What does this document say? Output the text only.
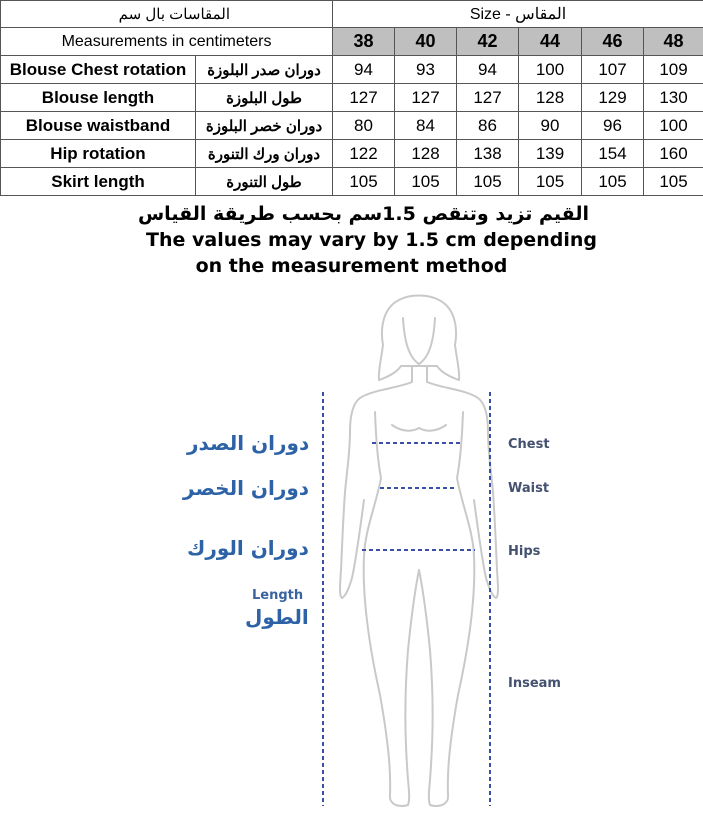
المقاسات بال سم		Size - المقاس					
Measurements in centimeters		38	40	42	44	46	48
Blouse Chest rotation	دوران صدر البلوزة	94	93	94	100	107	109
Blouse length	طول البلوزة	127	127	127	128	129	130
Blouse waistband	دوران خصر البلوزة	80	84	86	90	96	100
Hip rotation	دوران ورك التنورة	122	128	138	139	154	160
Skirt length	طول التنورة	105	105	105	105	105	105
القيم تزيد وتنقص 1.5سم بحسب طريقة القياس
The values may vary by 1.5 cm depending
on the measurement method
دوران الصدر
دوران الخصر
دوران الورك
Length
الطول
Chest
Waist
Hips
Inseam
